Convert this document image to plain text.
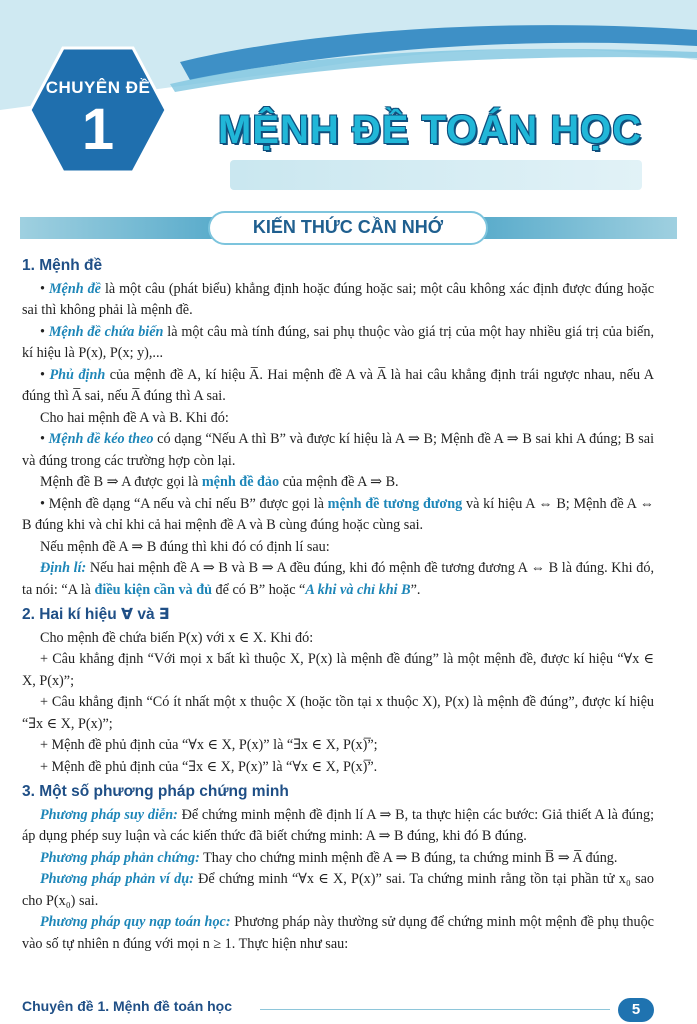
CHUYÊN ĐỀ
1	MỆNH ĐỀ TOÁN HỌC
KIẾN THỨC CẦN NHỚ
1. Mệnh đề

• Mệnh đề là một câu (phát biểu) khẳng định hoặc đúng hoặc sai; một câu không xác định được đúng hoặc sai thì không phải là mệnh đề.

• Mệnh đề chứa biến là một câu mà tính đúng, sai phụ thuộc vào giá trị của một hay nhiều giá trị của biến, kí hiệu là P(x), P(x; y),...

• Phủ định của mệnh đề A, kí hiệu A̅. Hai mệnh đề A và A̅ là hai câu khẳng định trái ngược nhau, nếu A đúng thì A̅ sai, nếu A̅ đúng thì A sai.

Cho hai mệnh đề A và B. Khi đó:

• Mệnh đề kéo theo có dạng “Nếu A thì B” và được kí hiệu là A ⇒ B; Mệnh đề A ⇒ B sai khi A đúng; B sai và đúng trong các trường hợp còn lại.

Mệnh đề B ⇒ A được gọi là mệnh đề đảo của mệnh đề A ⇒ B.

• Mệnh đề dạng “A nếu và chỉ nếu B” được gọi là mệnh đề tương đương và kí hiệu A ⇔ B; Mệnh đề A ⇔ B đúng khi và chỉ khi cả hai mệnh đề A và B cùng đúng hoặc cùng sai.

Nếu mệnh đề A ⇒ B đúng thì khi đó có định lí sau:

Định lí: Nếu hai mệnh đề A ⇒ B và B ⇒ A đều đúng, khi đó mệnh đề tương đương A ⇔ B là đúng. Khi đó, ta nói: “A là điều kiện cần và đủ để có B” hoặc “A khi và chỉ khi B”.

2. Hai kí hiệu ∀ và ∃

Cho mệnh đề chứa biến P(x) với x ∈ X. Khi đó:

+ Câu khẳng định “Với mọi x bất kì thuộc X, P(x) là mệnh đề đúng” là một mệnh đề, được kí hiệu “∀x ∈ X, P(x)”;

+ Câu khẳng định “Có ít nhất một x thuộc X (hoặc tồn tại x thuộc X), P(x) là mệnh đề đúng”, được kí hiệu “∃x ∈ X, P(x)”;

+ Mệnh đề phủ định của “∀x ∈ X, P(x)” là “∃x ∈ X, P(x)̅”;

+ Mệnh đề phủ định của “∃x ∈ X, P(x)” là “∀x ∈ X, P(x)̅”.

3. Một số phương pháp chứng minh

Phương pháp suy diễn: Để chứng minh mệnh đề định lí A ⇒ B, ta thực hiện các bước: Giả thiết A là đúng; áp dụng phép suy luận và các kiến thức đã biết chứng minh: A ⇒ B đúng, khi đó B đúng.

Phương pháp phản chứng: Thay cho chứng minh mệnh đề A ⇒ B đúng, ta chứng minh B̅ ⇒ A̅ đúng.

Phương pháp phản ví dụ: Để chứng minh “∀x ∈ X, P(x)” sai. Ta chứng minh rằng tồn tại phần tử x₀ sao cho P(x₀) sai.

Phương pháp quy nạp toán học: Phương pháp này thường sử dụng để chứng minh một mệnh đề phụ thuộc vào số tự nhiên n đúng với mọi n ≥ 1. Thực hiện như sau:

Chuyên đề 1. Mệnh đề toán học	5
